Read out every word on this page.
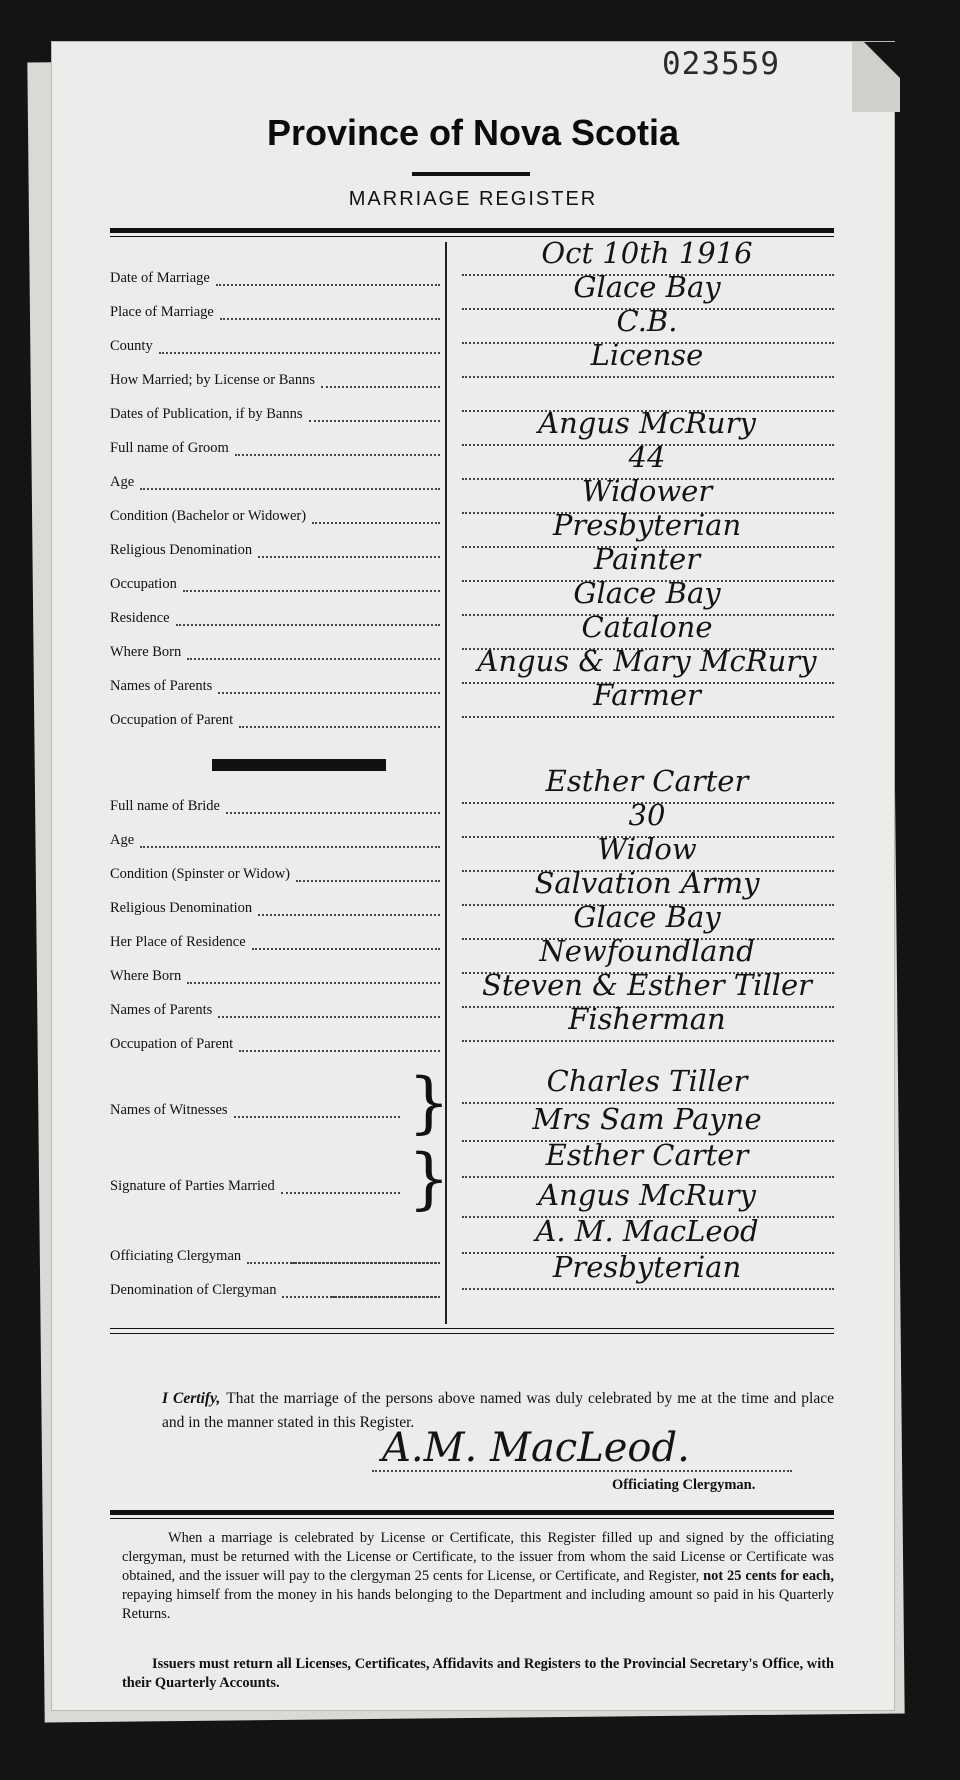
023559
Province of Nova Scotia
MARRIAGE REGISTER
Date of Marriage
Oct 10th 1916
Place of Marriage
Glace Bay
County
C.B.
How Married; by License or Banns
License
Dates of Publication, if by Banns
Full name of Groom
Angus McRury
Age
44
Condition (Bachelor or Widower)
Widower
Religious Denomination
Presbyterian
Occupation
Painter
Residence
Glace Bay
Where Born
Catalone
Names of Parents
Angus & Mary McRury
Occupation of Parent
Farmer
Full name of Bride
Esther Carter
Age
30
Condition (Spinster or Widow)
Widow
Religious Denomination
Salvation Army
Her Place of Residence
Glace Bay
Where Born
Newfoundland
Names of Parents
Steven & Esther Tiller
Occupation of Parent
Fisherman
Names of Witnesses	}	Charles Tiller
Mrs Sam Payne
Signature of Parties Married	}	Esther Carter
Angus McRury
Officiating Clergyman
A. M. MacLeod
Denomination of Clergyman
Presbyterian
I Certify, That the marriage of the persons above named was duly celebrated by me at the time and place and in the manner stated in this Register.
A.M. MacLeod.
Officiating Clergyman.
When a marriage is celebrated by License or Certificate, this Register filled up and signed by the officiating clergyman, must be returned with the License or Certificate, to the issuer from whom the said License or Certificate was obtained, and the issuer will pay to the clergyman 25 cents for License, or Certificate, and Register, not 25 cents for each, repaying himself from the money in his hands belonging to the Department and including amount so paid in his Quarterly Returns.
Issuers must return all Licenses, Certificates, Affidavits and Registers to the Provincial Secretary's Office, with their Quarterly Accounts.
